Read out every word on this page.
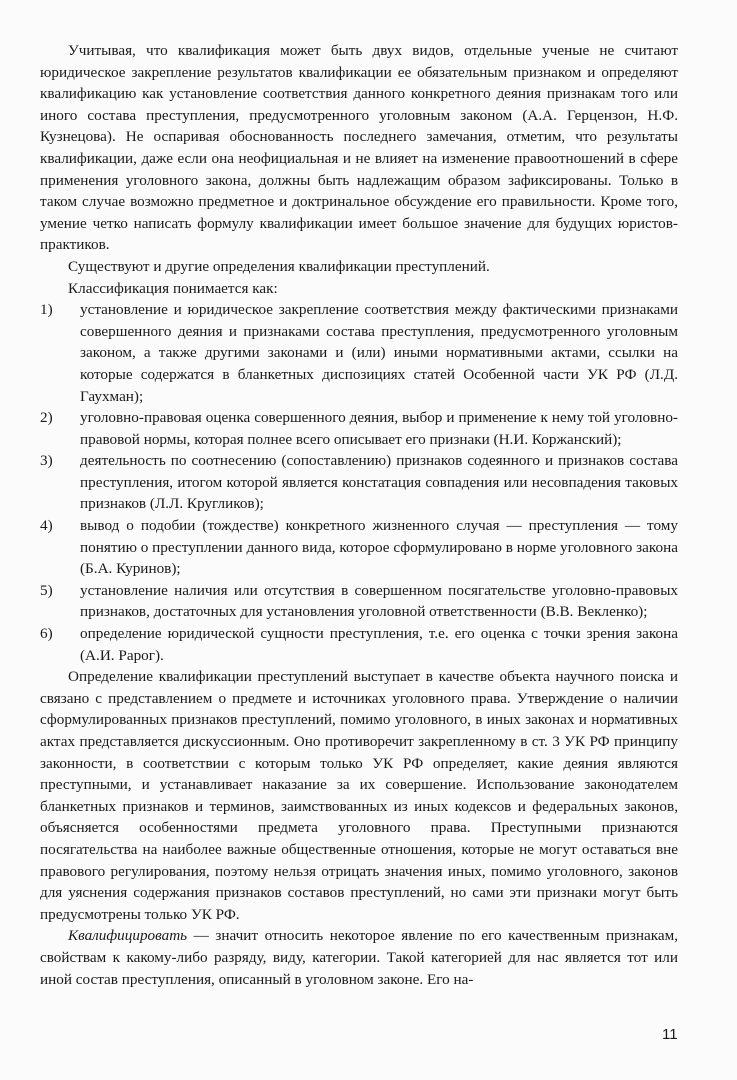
Учитывая, что квалификация может быть двух видов, отдельные ученые не считают юридическое закрепление результатов квалификации ее обязательным признаком и определяют квалификацию как установление соответствия данного конкретного деяния признакам того или иного состава преступления, предусмотренного уголовным законом (А.А. Герцензон, Н.Ф. Кузнецова). Не оспаривая обоснованность последнего замечания, отметим, что результаты квалификации, даже если она неофициальная и не влияет на изменение правоотношений в сфере применения уголовного закона, должны быть надлежащим образом зафиксированы. Только в таком случае возможно предметное и доктринальное обсуждение его правильности. Кроме того, умение четко написать формулу квалификации имеет большое значение для будущих юристов-практиков.

Существуют и другие определения квалификации преступлений.

Классификация понимается как:

1) установление и юридическое закрепление соответствия между фактическими признаками совершенного деяния и признаками состава преступления, предусмотренного уголовным законом, а также другими законами и (или) иными нормативными актами, ссылки на которые содержатся в бланкетных диспозициях статей Особенной части УК РФ (Л.Д. Гаухман);
2) уголовно-правовая оценка совершенного деяния, выбор и применение к нему той уголовно-правовой нормы, которая полнее всего описывает его признаки (Н.И. Коржанский);
3) деятельность по соотнесению (сопоставлению) признаков содеянного и признаков состава преступления, итогом которой является констатация совпадения или несовпадения таковых признаков (Л.Л. Кругликов);
4) вывод о подобии (тождестве) конкретного жизненного случая — преступления — тому понятию о преступлении данного вида, которое сформулировано в норме уголовного закона (Б.А. Куринов);
5) установление наличия или отсутствия в совершенном посягательстве уголовно-правовых признаков, достаточных для установления уголовной ответственности (В.В. Векленко);
6) определение юридической сущности преступления, т.е. его оценка с точки зрения закона (А.И. Рарог).

Определение квалификации преступлений выступает в качестве объекта научного поиска и связано с представлением о предмете и источниках уголовного права. Утверждение о наличии сформулированных признаков преступлений, помимо уголовного, в иных законах и нормативных актах представляется дискуссионным. Оно противоречит закрепленному в ст. 3 УК РФ принципу законности, в соответствии с которым только УК РФ определяет, какие деяния являются преступными, и устанавливает наказание за их совершение. Использование законодателем бланкетных признаков и терминов, заимствованных из иных кодексов и федеральных законов, объясняется особенностями предмета уголовного права. Преступными признаются посягательства на наиболее важные общественные отношения, которые не могут оставаться вне правового регулирования, поэтому нельзя отрицать значения иных, помимо уголовного, законов для уяснения содержания признаков составов преступлений, но сами эти признаки могут быть предусмотрены только УК РФ.

Квалифицировать — значит относить некоторое явление по его качественным признакам, свойствам к какому-либо разряду, виду, категории. Такой категорией для нас является тот или иной состав преступления, описанный в уголовном законе. Его на-

11
